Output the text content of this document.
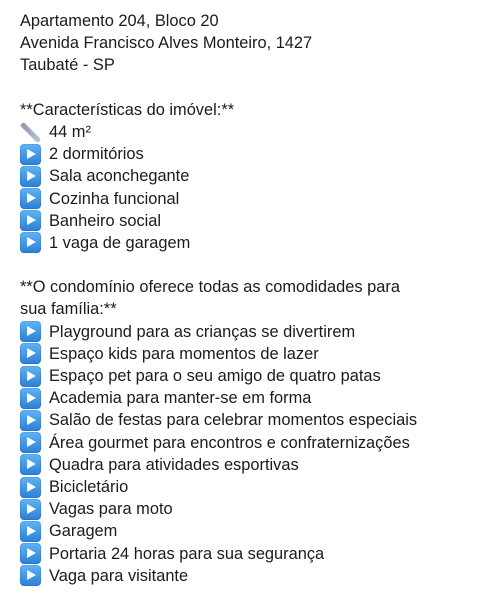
Apartamento 204, Bloco 20
Avenida Francisco Alves Monteiro, 1427
Taubaté - SP
**Características do imóvel:**
44 m²
2 dormitórios
Sala aconchegante
Cozinha funcional
Banheiro social
1 vaga de garagem
**O condomínio oferece todas as comodidades para
sua família:**
Playground para as crianças se divertirem
Espaço kids para momentos de lazer
Espaço pet para o seu amigo de quatro patas
Academia para manter-se em forma
Salão de festas para celebrar momentos especiais
Área gourmet para encontros e confraternizações
Quadra para atividades esportivas
Bicicletário
Vagas para moto
Garagem
Portaria 24 horas para sua segurança
Vaga para visitante
